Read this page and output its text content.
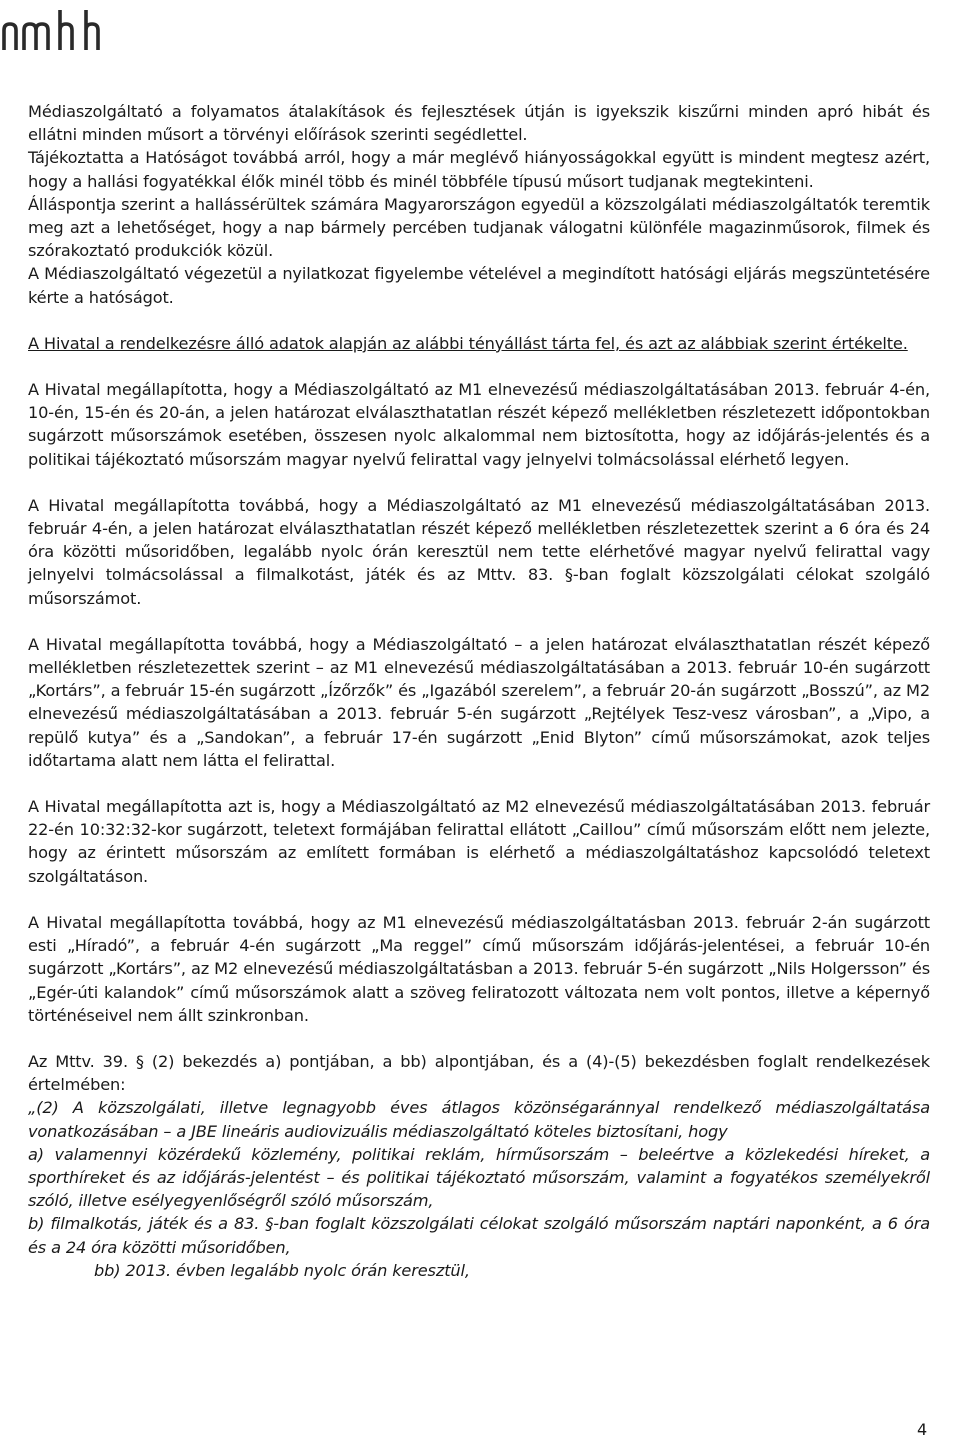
nmhh

Médiaszolgáltató a folyamatos átalakítások és fejlesztések útján is igyekszik kiszűrni minden apró hibát és ellátni minden műsort a törvényi előírások szerinti segédlettel.

Tájékoztatta a Hatóságot továbbá arról, hogy a már meglévő hiányosságokkal együtt is mindent megtesz azért, hogy a hallási fogyatékkal élők minél több és minél többféle típusú műsort tudjanak megtekinteni.

Álláspontja szerint a hallássérültek számára Magyarországon egyedül a közszolgálati médiaszolgáltatók teremtik meg azt a lehetőséget, hogy a nap bármely percében tudjanak válogatni különféle magazinműsorok, filmek és szórakoztató produkciók közül.

A Médiaszolgáltató végezetül a nyilatkozat figyelembe vételével a megindított hatósági eljárás megszüntetésére kérte a hatóságot.

A Hivatal a rendelkezésre álló adatok alapján az alábbi tényállást tárta fel, és azt az alábbiak szerint értékelte.

A Hivatal megállapította, hogy a Médiaszolgáltató az M1 elnevezésű médiaszolgáltatásában 2013. február 4-én, 10-én, 15-én és 20-án, a jelen határozat elválaszthatatlan részét képező mellékletben részletezett időpontokban sugárzott műsorszámok esetében, összesen nyolc alkalommal nem biztosította, hogy az időjárás-jelentés és a politikai tájékoztató műsorszám magyar nyelvű felirattal vagy jelnyelvi tolmácsolással elérhető legyen.

A Hivatal megállapította továbbá, hogy a Médiaszolgáltató az M1 elnevezésű médiaszolgáltatásában 2013. február 4-én, a jelen határozat elválaszthatatlan részét képező mellékletben részletezettek szerint a 6 óra és 24 óra közötti műsoridőben, legalább nyolc órán keresztül nem tette elérhetővé magyar nyelvű felirattal vagy jelnyelvi tolmácsolással a filmalkotást, játék és az Mttv. 83. §-ban foglalt közszolgálati célokat szolgáló műsorszámot.

A Hivatal megállapította továbbá, hogy a Médiaszolgáltató – a jelen határozat elválaszthatatlan részét képező mellékletben részletezettek szerint – az M1 elnevezésű médiaszolgáltatásában a 2013. február 10-én sugárzott „Kortárs”, a február 15-én sugárzott „Ízőrzők” és „Igazából szerelem”, a február 20-án sugárzott „Bosszú”, az M2 elnevezésű médiaszolgáltatásában a 2013. február 5-én sugárzott „Rejtélyek Tesz-vesz városban”, a „Vipo, a repülő kutya” és a „Sandokan”, a február 17-én sugárzott „Enid Blyton” című műsorszámokat, azok teljes időtartama alatt nem látta el felirattal.

A Hivatal megállapította azt is, hogy a Médiaszolgáltató az M2 elnevezésű médiaszolgáltatásában 2013. február 22-én 10:32:32-kor sugárzott, teletext formájában felirattal ellátott „Caillou” című műsorszám előtt nem jelezte, hogy az érintett műsorszám az említett formában is elérhető a médiaszolgáltatáshoz kapcsolódó teletext szolgáltatáson.

A Hivatal megállapította továbbá, hogy az M1 elnevezésű médiaszolgáltatásban 2013. február 2-án sugárzott esti „Híradó”, a február 4-én sugárzott „Ma reggel” című műsorszám időjárás-jelentései, a február 10-én sugárzott „Kortárs”, az M2 elnevezésű médiaszolgáltatásban a 2013. február 5-én sugárzott „Nils Holgersson” és „Egér-úti kalandok” című műsorszámok alatt a szöveg feliratozott változata nem volt pontos, illetve a képernyő történéseivel nem állt szinkronban.

Az Mttv. 39. § (2) bekezdés a) pontjában, a bb) alpontjában, és a (4)-(5) bekezdésben foglalt rendelkezések értelmében:

„(2) A közszolgálati, illetve legnagyobb éves átlagos közönségaránnyal rendelkező médiaszolgáltatása vonatkozásában – a JBE lineáris audiovizuális médiaszolgáltató köteles biztosítani, hogy

a) valamennyi közérdekű közlemény, politikai reklám, hírműsorszám – beleértve a közlekedési híreket, a sporthíreket és az időjárás-jelentést – és politikai tájékoztató műsorszám, valamint a fogyatékos személyekről szóló, illetve esélyegyenlőségről szóló műsorszám,

b) filmalkotás, játék és a 83. §-ban foglalt közszolgálati célokat szolgáló műsorszám naptári naponként, a 6 óra és a 24 óra közötti műsoridőben,

bb) 2013. évben legalább nyolc órán keresztül,

4
